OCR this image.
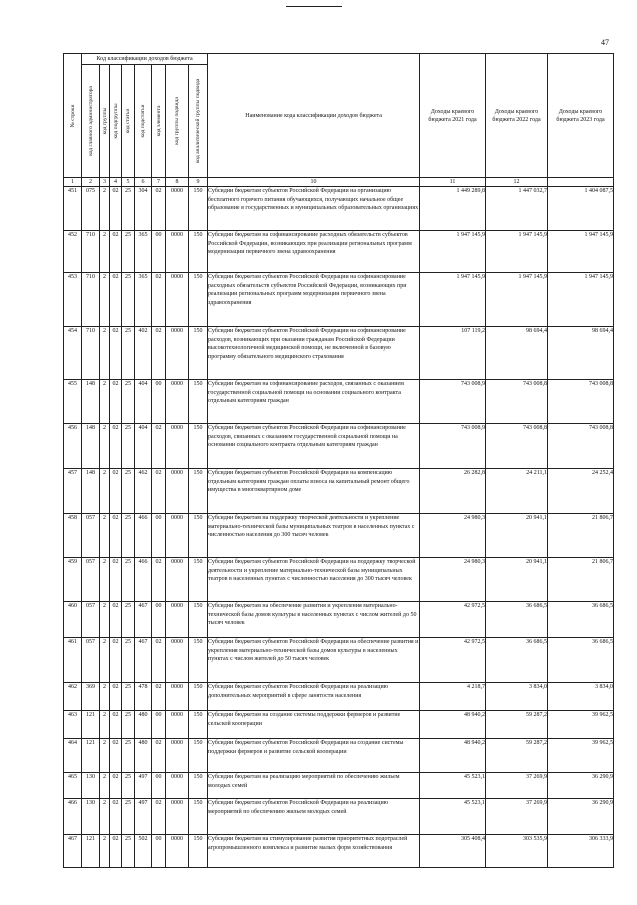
47
№ строки	Код классификации доходов бюджета								Наименование кода классификации доходов бюджета	Доходы краевого бюджета 2021 года	Доходы краевого бюджета 2022 года	Доходы краевого бюджета 2023 года

	код главного администратора	код группы	код подгруппы	код статьи	код подстатьи	код элемента	код группы подвида	код аналитической группы подвида				

1	2	3	4	5	6	7	8	9	10	11	12	
451	075	2	02	25	304	02	0000	150	Субсидии бюджетам субъектов Российской Федерации на организацию бесплатного горячего питания обучающихся, получающих начальное общее образование в государственных и муниципальных образовательных организациях	1 449 289,8	1 447 032,7	1 404 087,5
452	710	2	02	25	365	00	0000	150	Субсидии бюджетам на софинансирование расходных обязательств субъектов Российской Федерации, возникающих при реализации региональных программ модернизации первичного звена здравоохранения	1 947 145,9	1 947 145,9	1 947 145,9
453	710	2	02	25	365	02	0000	150	Субсидии бюджетам субъектов Российской Федерации на софинансирование расходных обязательств субъектов Российской Федерации, возникающих при реализации региональных программ модернизации первичного звена здравоохранения	1 947 145,9	1 947 145,9	1 947 145,9
454	710	2	02	25	402	02	0000	150	Субсидии бюджетам субъектов Российской Федерации на софинансирование расходов, возникающих при оказании гражданам Российской Федерации высокотехнологичной медицинской помощи, не включенной в базовую программу обязательного медицинского страхования	107 119,2	98 694,4	98 694,4
455	148	2	02	25	404	00	0000	150	Субсидии бюджетам на софинансирование расходов, связанных с оказанием государственной социальной помощи на основании социального контракта отдельным категориям граждан	743 008,9	743 008,8	743 008,8
456	148	2	02	25	404	02	0000	150	Субсидии бюджетам субъектов Российской Федерации на софинансирование расходов, связанных с оказанием государственной социальной помощи на основании социального контракта отдельным категориям граждан	743 008,9	743 008,8	743 008,8
457	148	2	02	25	462	02	0000	150	Субсидии бюджетам субъектов Российской Федерации на компенсацию отдельным категориям граждан оплаты взноса на капитальный ремонт общего имущества в многоквартирном доме	26 282,8	24 211,1	24 252,4
458	057	2	02	25	466	00	0000	150	Субсидии бюджетам на поддержку творческой деятельности и укрепление материально-технической базы муниципальных театров в населенных пунктах с численностью населения до 300 тысяч человек	24 980,3	20 941,1	21 806,7
459	057	2	02	25	466	02	0000	150	Субсидии бюджетам субъектов Российской Федерации на поддержку творческой деятельности и укрепление материально-технической базы муниципальных театров в населенных пунктах с численностью населения до 300 тысяч человек	24 980,3	20 941,1	21 806,7
460	057	2	02	25	467	00	0000	150	Субсидии бюджетам на обеспечение развития и укрепления материально-технической базы домов культуры в населенных пунктах с числом жителей до 50 тысяч человек	42 972,5	36 686,5	36 686,5
461	057	2	02	25	467	02	0000	150	Субсидии бюджетам субъектов Российской Федерации на обеспечение развития и укрепления материально-технической базы домов культуры в населенных пунктах с числом жителей до 50 тысяч человек	42 972,5	36 686,5	36 686,5
462	369	2	02	25	478	02	0000	150	Субсидии бюджетам субъектов Российской Федерации на реализацию дополнительных мероприятий в сфере занятости населения	4 218,7	3 834,0	3 834,0
463	121	2	02	25	480	00	0000	150	Субсидии бюджетам на создание системы поддержки фермеров и развитие сельской кооперации	48 940,2	59 287,2	39 962,5
464	121	2	02	25	480	02	0000	150	Субсидии бюджетам субъектов Российской Федерации на создание системы поддержки фермеров и развитие сельской кооперации	48 940,2	59 287,2	39 962,5
465	130	2	02	25	497	00	0000	150	Субсидии бюджетам на реализацию мероприятий по обеспечению жильем молодых семей	45 523,1	37 269,9	36 290,9
466	130	2	02	25	497	02	0000	150	Субсидии бюджетам субъектов Российской Федерации на реализацию мероприятий по обеспечению жильем молодых семей	45 523,1	37 269,9	36 290,9
467	121	2	02	25	502	00	0000	150	Субсидии бюджетам на стимулирование развития приоритетных подотраслей агропромышленного комплекса и развитие малых форм хозяйствования	305 408,4	303 535,9	306 333,9
